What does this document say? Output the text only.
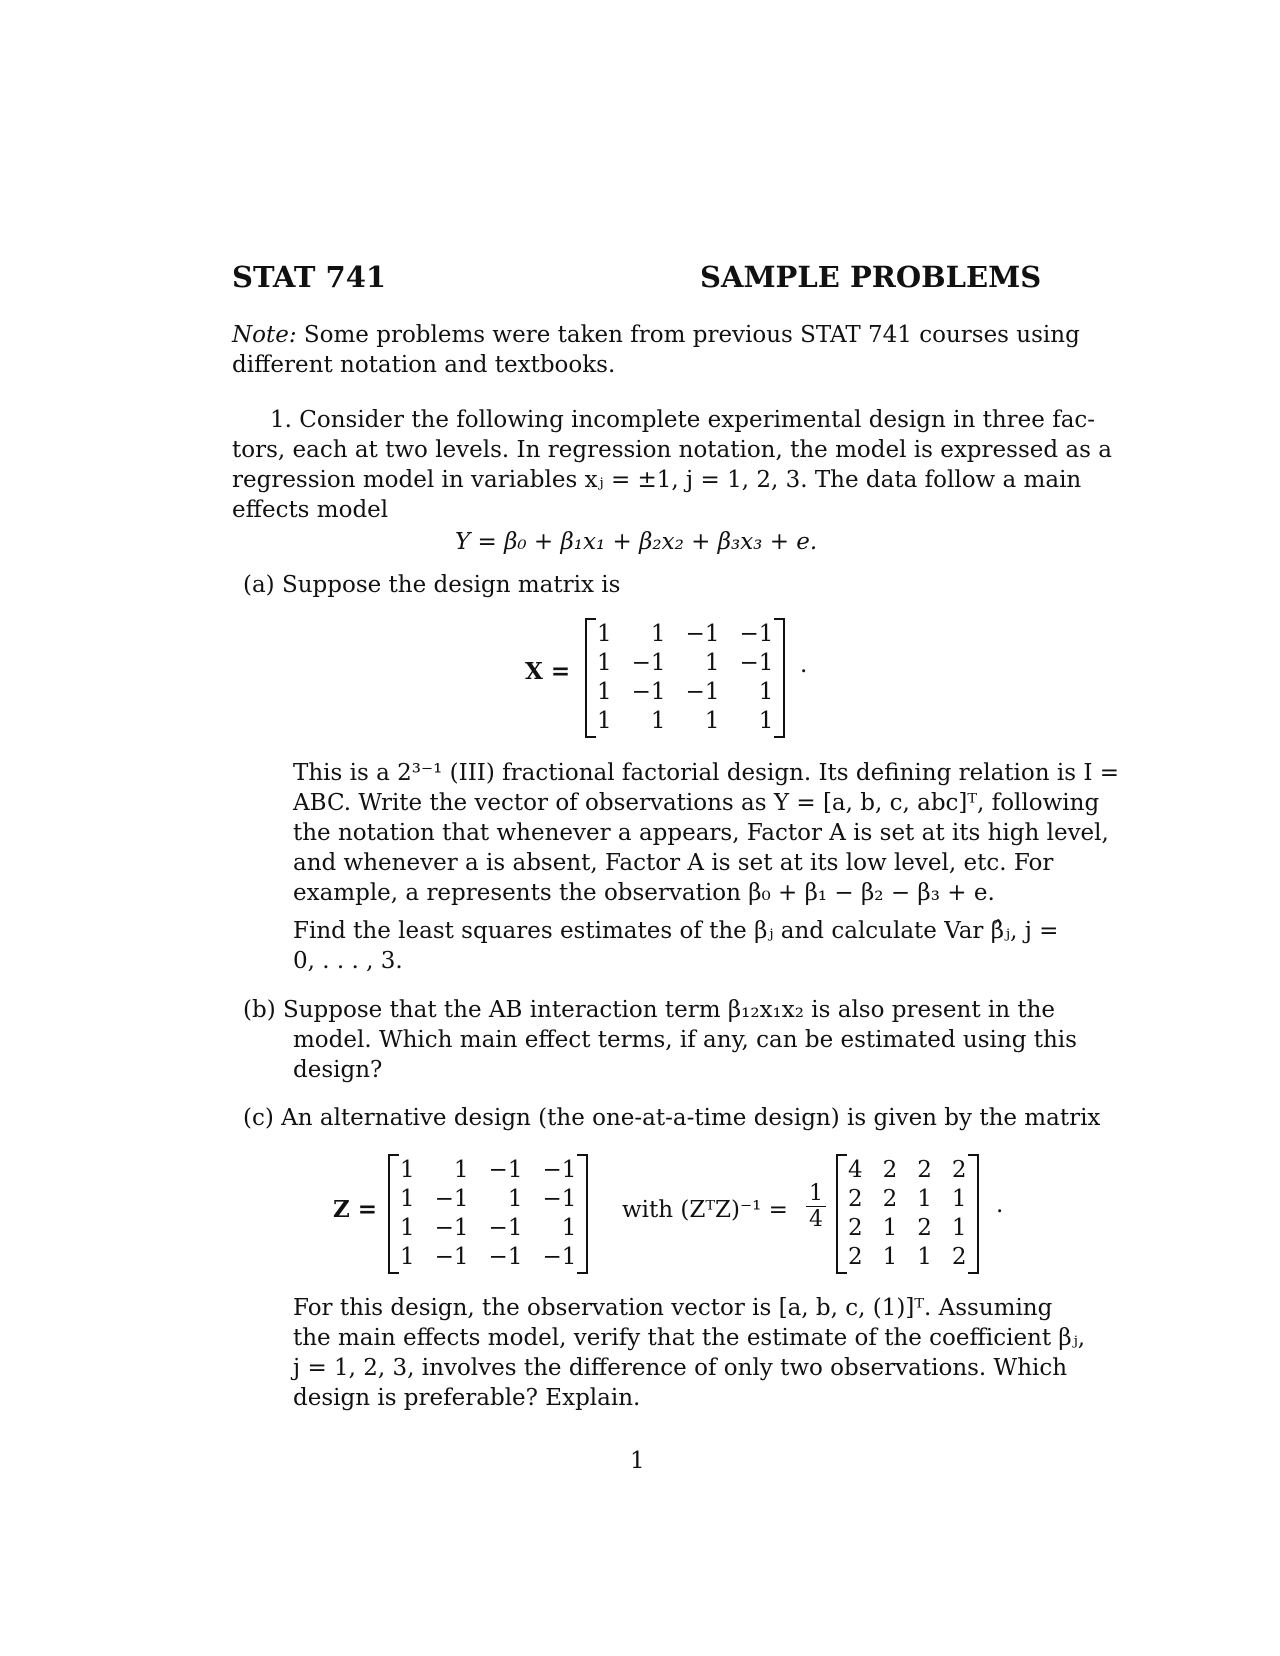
STAT 741	SAMPLE PROBLEMS
Note: Some problems were taken from previous STAT 741 courses using
different notation and textbooks.
1. Consider the following incomplete experimental design in three fac-
tors, each at two levels. In regression notation, the model is expressed as a
regression model in variables xⱼ = ±1, j = 1, 2, 3. The data follow a main
effects model
Y = β₀ + β₁x₁ + β₂x₂ + β₃x₃ + e.
(a) Suppose the design matrix is
X =
1	1	−1	−1
1	−1	1	−1
1	−1	−1	1
1	1	1	1
.
This is a 2³⁻¹ (III) fractional factorial design. Its defining relation is I =
ABC. Write the vector of observations as Y = [a, b, c, abc]ᵀ, following
the notation that whenever a appears, Factor A is set at its high level,
and whenever a is absent, Factor A is set at its low level, etc. For
example, a represents the observation β₀ + β₁ − β₂ − β₃ + e.
Find the least squares estimates of the βⱼ and calculate Var β̂ⱼ, j =
0, . . . , 3.
(b) Suppose that the AB interaction term β₁₂x₁x₂ is also present in the
model. Which main effect terms, if any, can be estimated using this
design?
(c) An alternative design (the one-at-a-time design) is given by the matrix
Z =
1	1	−1	−1
1	−1	1	−1
1	−1	−1	1
1	−1	−1	−1
with (ZᵀZ)⁻¹ = $\frac{1}{4}$
4	2	2	2
2	2	1	1
2	1	2	1
2	1	1	2
.
For this design, the observation vector is [a, b, c, (1)]ᵀ. Assuming
the main effects model, verify that the estimate of the coefficient βⱼ,
j = 1, 2, 3, involves the difference of only two observations. Which
design is preferable? Explain.
1
